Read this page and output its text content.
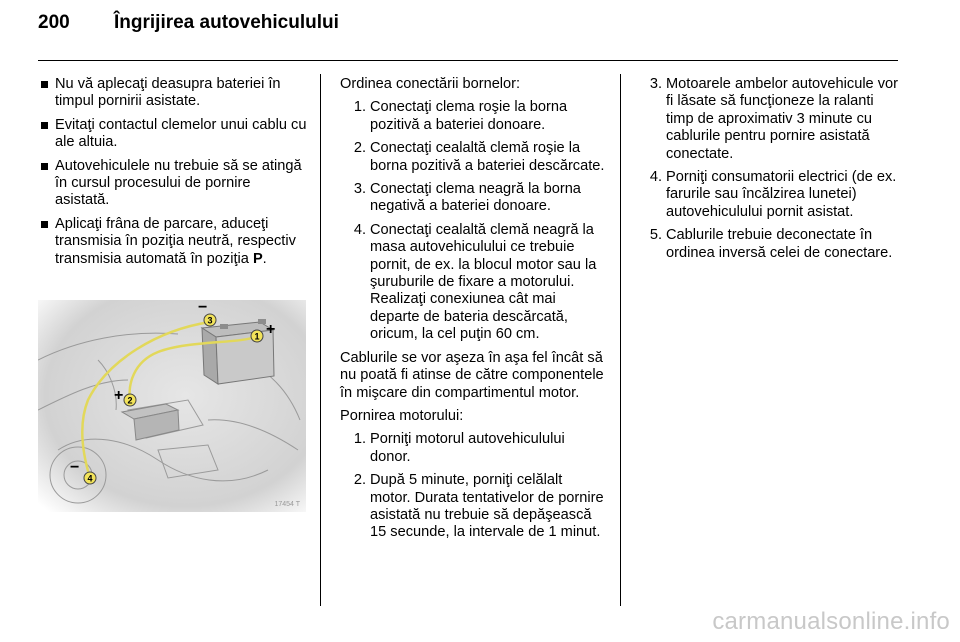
200 Îngrijirea autovehiculului
Nu vă aplecaţi deasupra bateriei în timpul pornirii asistate.
Evitaţi contactul clemelor unui cablu cu ale altuia.
Autovehiculele nu trebuie să se atingă în cursul procesului de pornire asistată.
Aplicaţi frâna de parcare, aduceţi transmisia în poziţia neutră, respectiv transmisia automată în poziţia P.
−
+
+
−
1
2
3
4
17454 T

Ordinea conectării bornelor:

1. Conectaţi clema roşie la borna pozitivă a bateriei donoare.
2. Conectaţi cealaltă clemă roşie la borna pozitivă a bateriei descărcate.
3. Conectaţi clema neagră la borna negativă a bateriei donoare.
4. Conectaţi cealaltă clemă neagră la masa autovehiculului ce trebuie pornit, de ex. la blocul motor sau la şuruburile de fixare a motorului. Realizaţi conexiunea cât mai departe de bateria descărcată, oricum, la cel puţin 60 cm.

Cablurile se vor aşeza în aşa fel încât să nu poată fi atinse de către componentele în mişcare din compartimentul motor.

Pornirea motorului:

1. Porniţi motorul autovehiculului donor.
2. După 5 minute, porniţi celălalt motor. Durata tentativelor de pornire asistată nu trebuie să depăşească 15 secunde, la intervale de 1 minut.
3. Motoarele ambelor autovehicule vor fi lăsate să funcţioneze la ralanti timp de aproximativ 3 minute cu cablurile pentru pornire asistată conectate.
4. Porniţi consumatorii electrici (de ex. farurile sau încălzirea lunetei) autovehiculului pornit asistat.
5. Cablurile trebuie deconectate în ordinea inversă celei de conectare.
carmanualsonline.info
